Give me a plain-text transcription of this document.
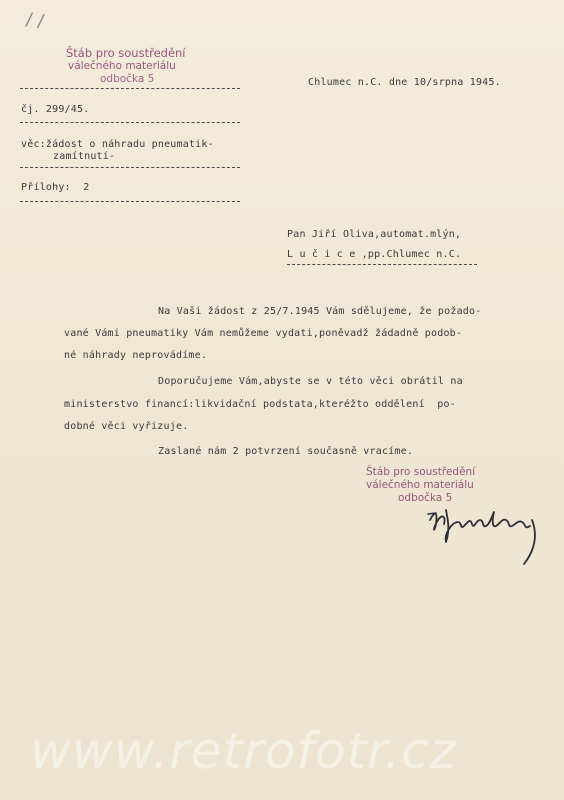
/ /
Štáb pro soustředění
válečného materiálu
odbočka 5	Chlumec n.C. dne 10/srpna 1945.
čj. 299/45.
věc:žádost o náhradu pneumatik-
zamítnutí-
Přílohy:  2
Pan Jiří Oliva,automat.mlýn,
L u č i c e ,pp.Chlumec n.C.
Na Vaši žádost z 25/7.1945 Vám sdělujeme, že požado-
vané Vámi pneumatiky Vám nemůžeme vydati,poněvadž žádadně podob-
né náhrady neprovádíme.
Doporučujeme Vám,abyste se v této věci obrátil na
ministerstvo financí:likvidační podstata,kteréžto oddělení  po-
dobné věci vyřizuje.
Zaslané nám 2 potvrzení současně vracíme.
Štáb pro soustředění
válečného materiálu
odbočka 5
www.retrofotr.cz
